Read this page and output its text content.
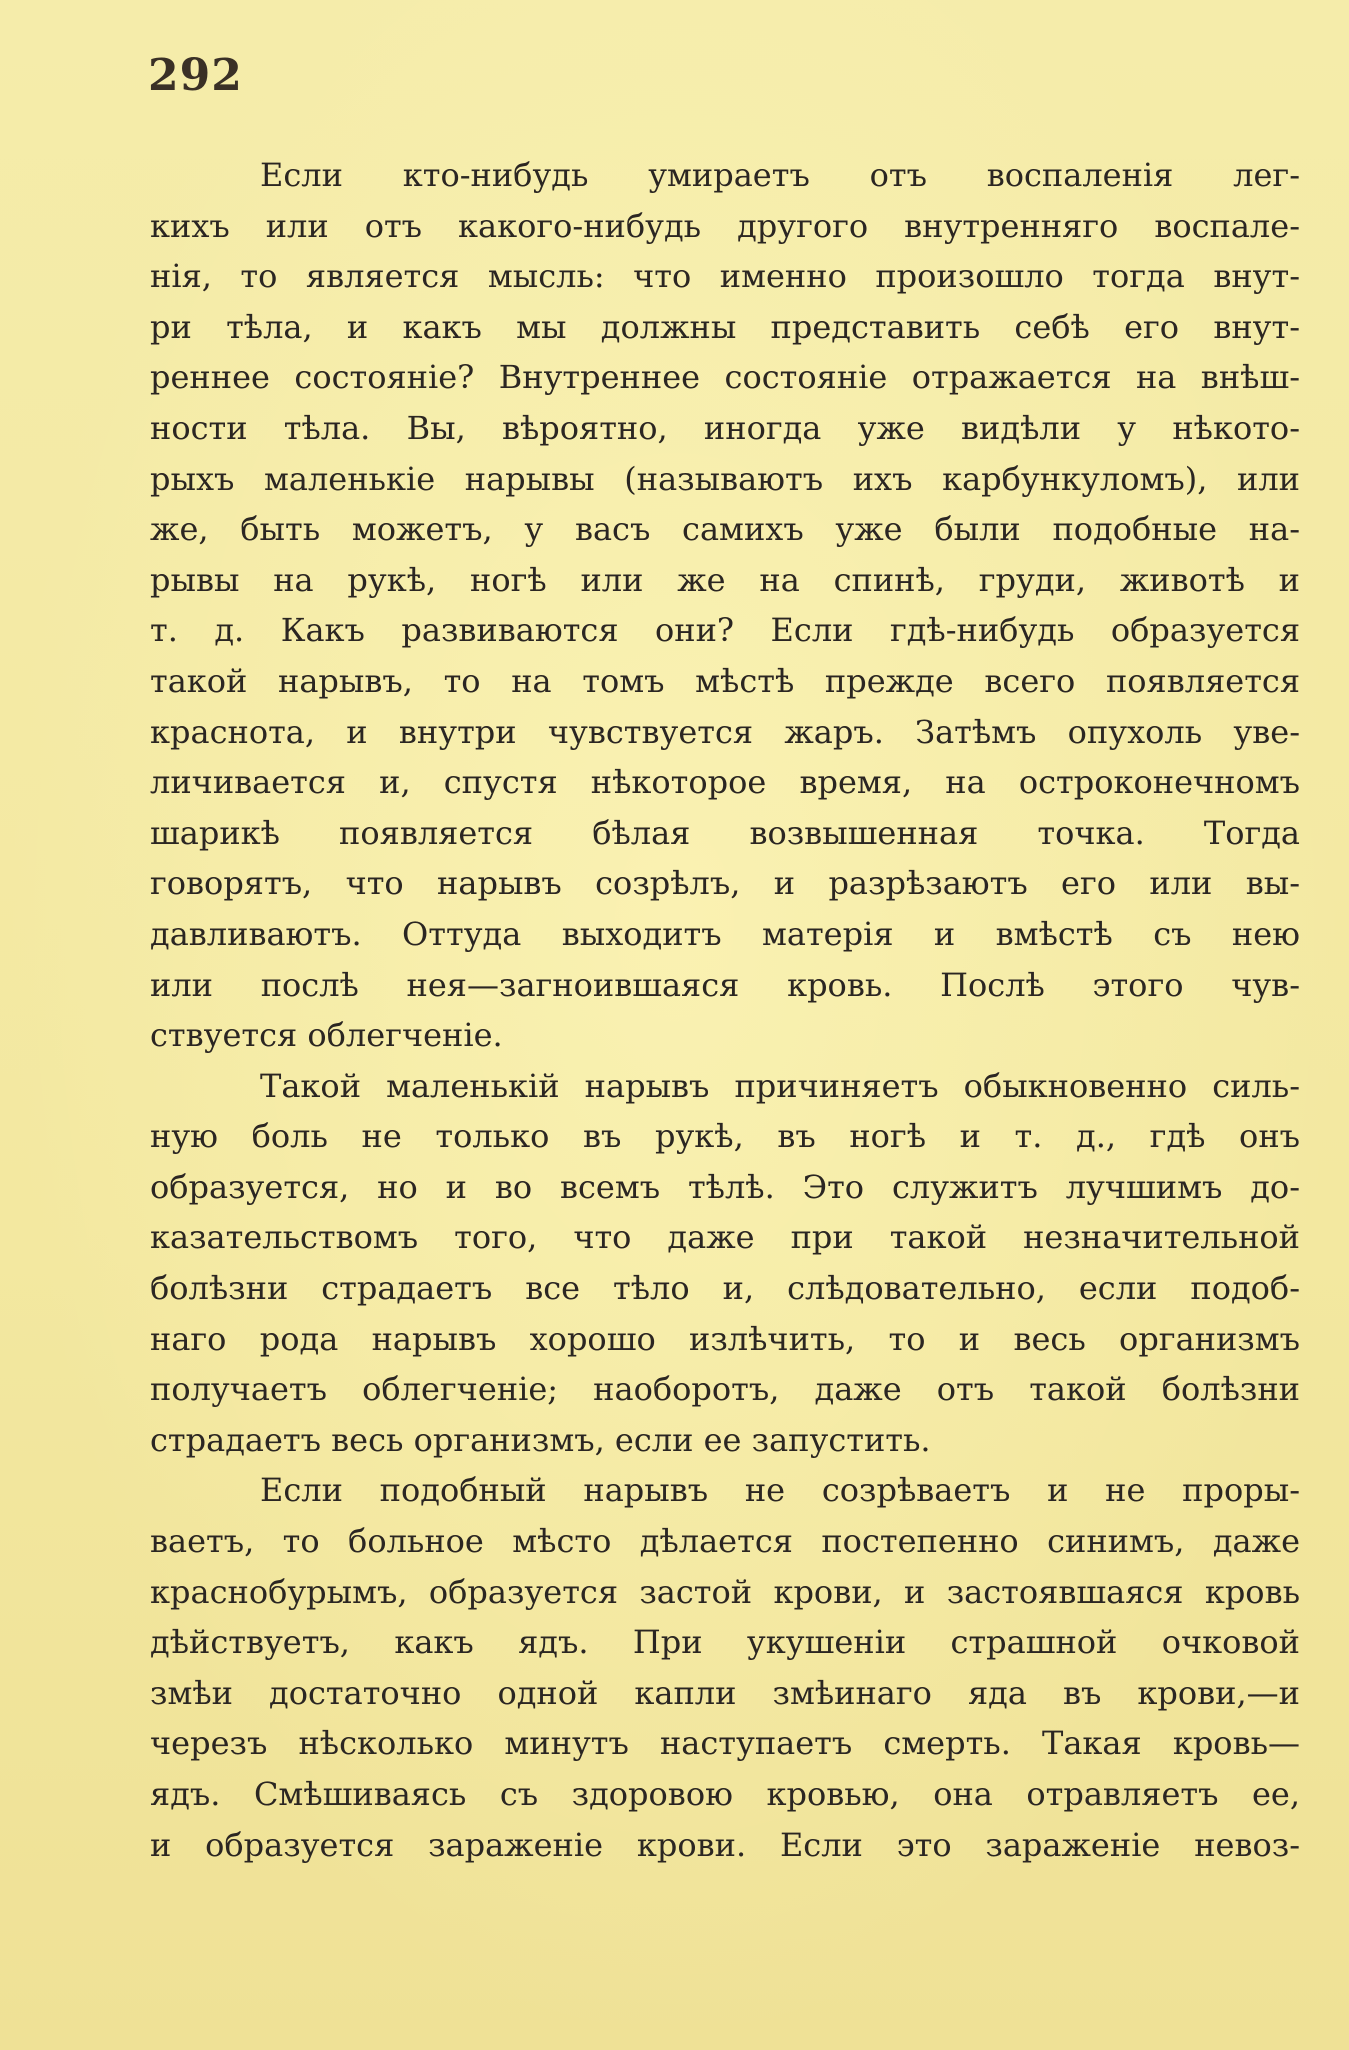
292
Если кто-нибудь умираетъ отъ воспаленія лег-
кихъ или отъ какого-нибудь другого внутренняго воспале-
нія, то является мысль: что именно произошло тогда внут-
ри тѣла, и какъ мы должны представить себѣ его внут-
реннее состояніе? Внутреннее состояніе отражается на внѣш-
ности тѣла. Вы, вѣроятно, иногда уже видѣли у нѣкото-
рыхъ маленькіе нарывы (называютъ ихъ карбункуломъ), или
же, быть можетъ, у васъ самихъ уже были подобные на-
рывы на рукѣ, ногѣ или же на спинѣ, груди, животѣ и
т. д. Какъ развиваются они? Если гдѣ-нибудь образуется
такой нарывъ, то на томъ мѣстѣ прежде всего появляется
краснота, и внутри чувствуется жаръ. Затѣмъ опухоль уве-
личивается и, спустя нѣкоторое время, на остроконечномъ
шарикѣ появляется бѣлая возвышенная точка. Тогда
говорятъ, что нарывъ созрѣлъ, и разрѣзаютъ его или вы-
давливаютъ. Оттуда выходитъ матерія и вмѣстѣ съ нею
или послѣ нея—загноившаяся кровь. Послѣ этого чув-
ствуется облегченіе.
Такой маленькій нарывъ причиняетъ обыкновенно силь-
ную боль не только въ рукѣ, въ ногѣ и т. д., гдѣ онъ
образуется, но и во всемъ тѣлѣ. Это служитъ лучшимъ до-
казательствомъ того, что даже при такой незначительной
болѣзни страдаетъ все тѣло и, слѣдовательно, если подоб-
наго рода нарывъ хорошо излѣчить, то и весь организмъ
получаетъ облегченіе; наоборотъ, даже отъ такой болѣзни
страдаетъ весь организмъ, если ее запустить.
Если подобный нарывъ не созрѣваетъ и не проры-
ваетъ, то больное мѣсто дѣлается постепенно синимъ, даже
краснобурымъ, образуется застой крови, и застоявшаяся кровь
дѣйствуетъ, какъ ядъ. При укушеніи страшной очковой
змѣи достаточно одной капли змѣинаго яда въ крови,—и
черезъ нѣсколько минутъ наступаетъ смерть. Такая кровь—
ядъ. Смѣшиваясь съ здоровою кровью, она отравляетъ ее,
и образуется зараженіе крови. Если это зараженіе невоз-
